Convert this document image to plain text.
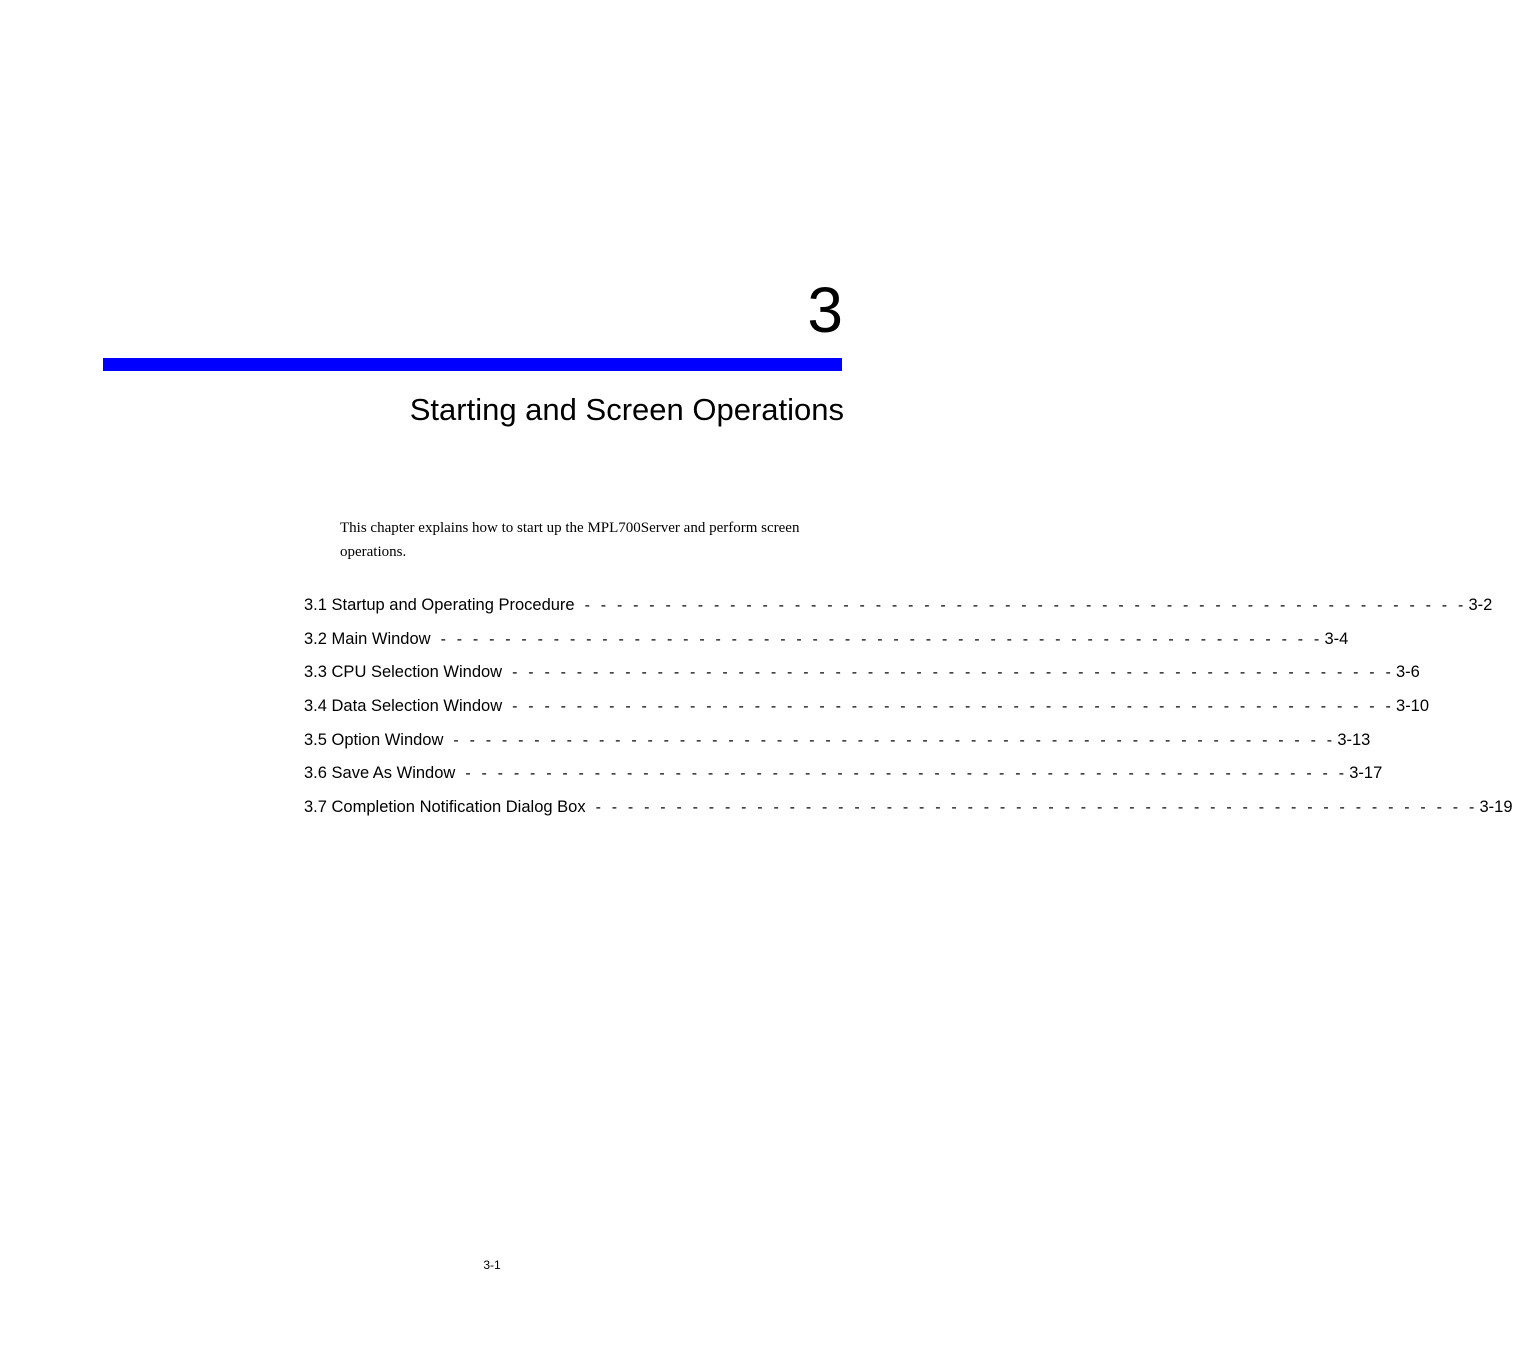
3
Starting and Screen Operations

This chapter explains how to start up the MPL700Server and perform screen operations.

3.1 Startup and Operating Procedure - - - - - - - - - - - - - - - - - - - - - - - - - - - - - - - - - - - - - - - - - - - - - - - - - - - - - - - 3-2
3.2 Main Window - - - - - - - - - - - - - - - - - - - - - - - - - - - - - - - - - - - - - - - - - - - - - - - - - - - - - - - 3-4
3.3 CPU Selection Window - - - - - - - - - - - - - - - - - - - - - - - - - - - - - - - - - - - - - - - - - - - - - - - - - - - - - - - 3-6
3.4 Data Selection Window - - - - - - - - - - - - - - - - - - - - - - - - - - - - - - - - - - - - - - - - - - - - - - - - - - - - - - - 3-10
3.5 Option Window - - - - - - - - - - - - - - - - - - - - - - - - - - - - - - - - - - - - - - - - - - - - - - - - - - - - - - - 3-13
3.6 Save As Window - - - - - - - - - - - - - - - - - - - - - - - - - - - - - - - - - - - - - - - - - - - - - - - - - - - - - - - 3-17
3.7 Completion Notification Dialog Box - - - - - - - - - - - - - - - - - - - - - - - - - - - - - - - - - - - - - - - - - - - - - - - - - - - - - - - 3-19
3-1
